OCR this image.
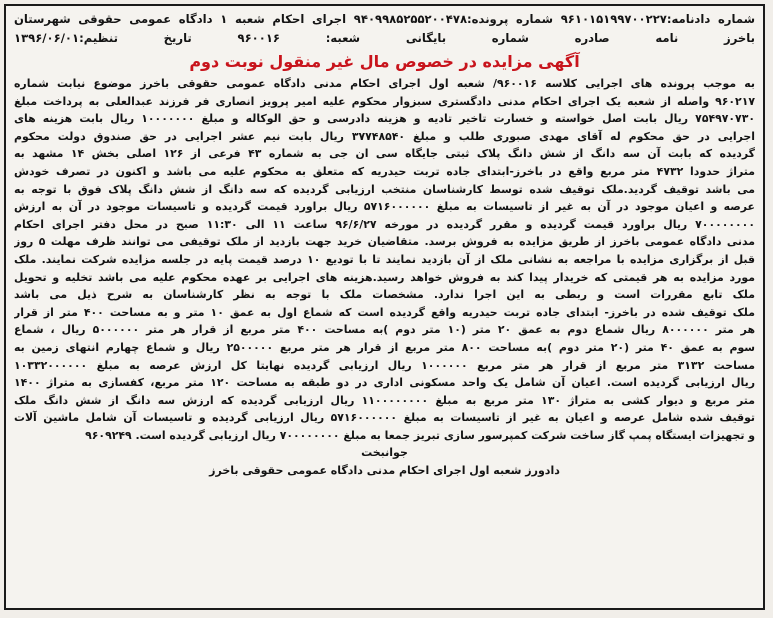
شماره دادنامه:۹۶۱۰۱۵۱۹۹۷۰۰۲۲۷ شماره پرونده:۹۴۰۹۹۸۵۲۵۵۲۰۰۴۷۸ اجرای احکام شعبه ۱ دادگاه عمومی حقوقی شهرستان
باخرز نامه صادره شماره بایگانی شعبه: ۹۶۰۰۱۶ تاریخ تنظیم:۱۳۹۶/۰۶/۰۱
آگهی مزایده در خصوص مال غیر منقول نوبت دوم
به موجب پرونده های اجرایی کلاسه ۹۶۰۰۱۶/ شعبه اول اجرای احکام مدنی دادگاه عمومی حقوقی باخرز موضوع نیابت شماره
۹۶۰۲۱۷ واصله از شعبه یک اجرای احکام مدنی دادگستری سبزوار محکوم علیه امیر پرویز انصاری فر فرزند عبدالعلی به پرداخت مبلغ
۷۵۴۹۷۰۷۳۰ ریال بابت اصل خواسته و خسارت تاخیر تادیه و هزینه دادرسی و حق الوکاله و مبلغ ۱۰۰۰۰۰۰۰ ریال بابت هزینه های
اجرایی در حق محکوم له آقای مهدی صبوری طلب و مبلغ ۳۷۷۴۸۵۴۰ ریال بابت نیم عشر اجرایی در حق صندوق دولت محکوم
گردیده که بابت آن سه دانگ از شش دانگ پلاک ثبتی جایگاه سی ان جی به شماره ۴۳ فرعی از ۱۲۶ اصلی بخش ۱۴ مشهد به
متراژ حدودا ۴۷۳۲ متر مربع واقع در باخرز-ابتدای جاده تربت حیدریه که متعلق به محکوم علیه می باشد و اکنون در تصرف خودش
می باشد توقیف گردید.ملک توقیف شده توسط کارشناسان منتخب ارزیابی گردیده که سه دانگ از شش دانگ پلاک فوق با توجه به
عرصه و اعیان موجود در آن به غیر از تاسیسات به مبلغ ۵۷۱۶۰۰۰۰۰۰ ریال براورد قیمت گردیده و تاسیسات موجود در آن به ارزش
۷۰۰۰۰۰۰۰۰ ریال براورد قیمت گردیده و مقرر گردیده در مورخه ۹۶/۶/۲۷ ساعت ۱۱ الی ۱۱:۳۰ صبح در محل دفتر اجرای احکام
مدنی دادگاه عمومی باخرز از طریق مزایده به فروش برسد. متقاضیان خرید جهت بازدید از ملک توقیفی می توانند ظرف مهلت ۵ روز
قبل از برگزاری مزایده با مراجعه به نشانی ملک از آن بازدید نمایند تا با تودیع ۱۰ درصد قیمت پایه در جلسه مزایده شرکت نمایند. ملک
مورد مزایده به هر قیمتی که خریدار پیدا کند به فروش خواهد رسید.هزینه های اجرایی بر عهده محکوم علیه می باشد تخلیه و تحویل
ملک تابع مقررات است و ربطی به این اجرا ندارد. مشخصات ملک با توجه به نظر کارشناسان به شرح ذیل می باشد
ملک توقیف شده در باخرز- ابتدای جاده تربت حیدریه واقع گردیده است که شماع اول به عمق ۱۰ متر و به مساحت ۴۰۰ متر از قرار
هر متر ۸۰۰۰۰۰۰ ریال شماع دوم به عمق ۲۰ متر (۱۰ متر دوم )به مساحت ۴۰۰ متر مربع از قرار هر متر ۵۰۰۰۰۰۰ ریال ، شماع
سوم به عمق ۴۰ متر (۲۰ متر دوم )به مساحت ۸۰۰ متر مربع از قرار هر متر مربع ۲۵۰۰۰۰۰ ریال و شماع چهارم انتهای زمین به
مساحت ۳۱۳۲ متر مربع از قرار هر متر مربع ۱۰۰۰۰۰۰ ریال ارزیابی گردیده نهایتا کل ارزش عرصه به مبلغ ۱۰۳۳۲۰۰۰۰۰۰
ریال ارزیابی گردیده است. اعیان آن شامل یک واحد مسکونی اداری در دو طبقه به مساحت ۱۲۰ متر مربع، کفسازی به متراژ ۱۴۰۰
متر مربع و دیوار کشی به متراژ ۱۳۰ متر مربع به مبلغ ۱۱۰۰۰۰۰۰۰۰ ریال ارزیابی گردیده که ارزش سه دانگ از شش دانگ ملک
توقیف شده شامل عرصه و اعیان به غیر از تاسیسات به مبلغ ۵۷۱۶۰۰۰۰۰۰ ریال ارزیابی گردیده و تاسیسات آن شامل ماشین آلات
و تجهیزات ایستگاه پمپ گاز ساخت شرکت کمپرسور سازی تبریز جمعا به مبلغ ۷۰۰۰۰۰۰۰۰ ریال ارزیابی گردیده است. ۹۶۰۹۲۴۹
جوانبخت
دادورز شعبه اول اجرای احکام مدنی دادگاه عمومی حقوقی باخرز
